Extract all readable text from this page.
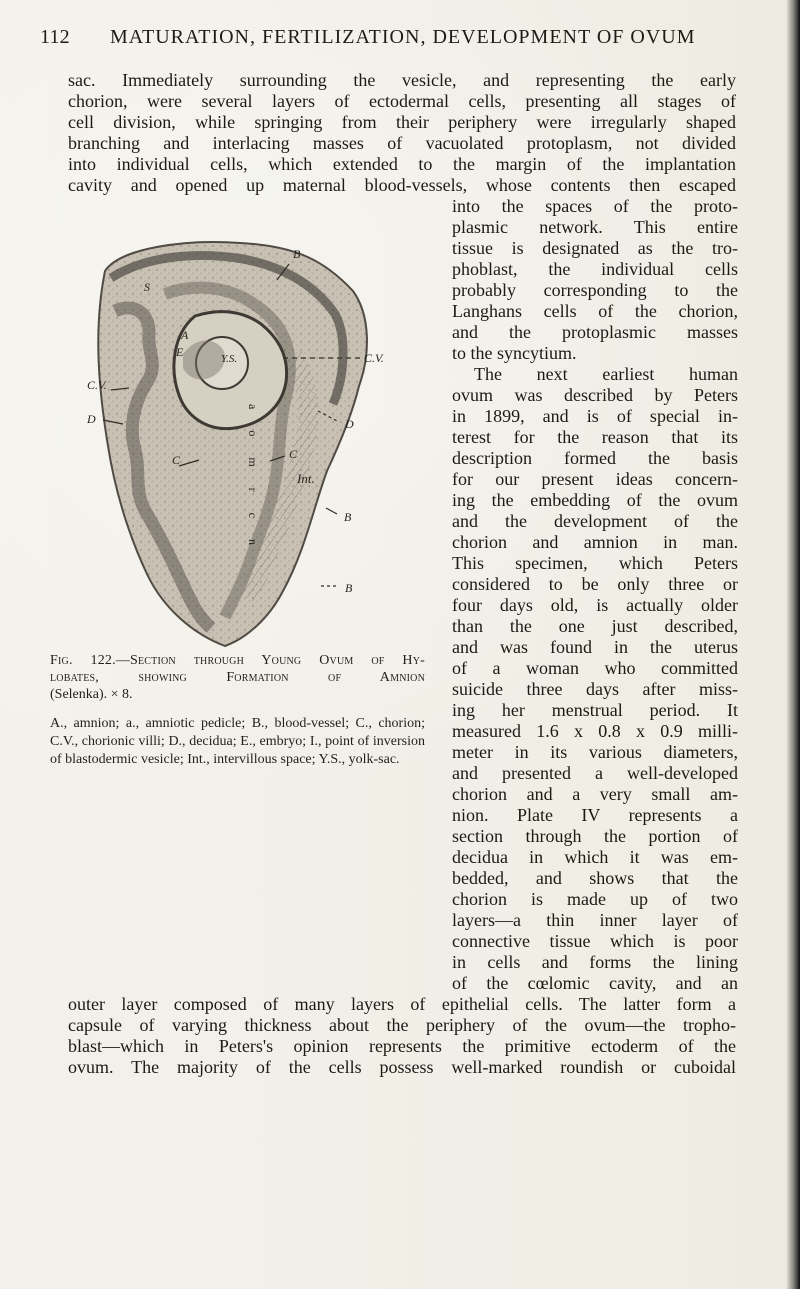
112 MATURATION, FERTILIZATION, DEVELOPMENT OF OVUM
sac. Immediately surrounding the vesicle, and representing the early
chorion, were several layers of ectodermal cells, presenting all stages of
cell division, while springing from their periphery were irregularly shaped
branching and interlacing masses of vacuolated protoplasm, not divided
into individual cells, which extended to the margin of the implantation
cavity and opened up maternal blood-vessels, whose contents then escaped
into the spaces of the proto-
plasmic network. This entire
tissue is designated as the tro-
phoblast, the individual cells
probably corresponding to the
Langhans cells of the chorion,
and the protoplasmic masses
to the syncytium.
The next earliest human
ovum was described by Peters
in 1899, and is of special in-
terest for the reason that its
description formed the basis
for our present ideas concern-
ing the embedding of the ovum
and the development of the
chorion and amnion in man.
This specimen, which Peters
considered to be only three or
four days old, is actually older
than the one just described,
and was found in the uterus
of a woman who committed
suicide three days after miss-
ing her menstrual period. It
measured 1.6 x 0.8 x 0.9 milli-
meter in its various diameters,
and presented a well-developed
chorion and a very small am-
nion. Plate IV represents a
section through the portion of
decidua in which it was em-
bedded, and shows that the
chorion is made up of two
layers—a thin inner layer of
connective tissue which is poor
in cells and forms the lining
of the cœlomic cavity, and an
outer layer composed of many layers of epithelial cells. The latter form a
capsule of varying thickness about the periphery of the ovum—the tropho-
blast—which in Peters's opinion represents the primitive ectoderm of the
ovum. The majority of the cells possess well-marked roundish or cuboidal
B
C.V.
C.V.
D
D
C
C
A
E	Y.S.
S
Int.
B
B
a o m r c n

Fig. 122.—Section through Young Ovum of Hy-

lobates, showing Formation of Amnion

(Selenka). × 8.

A., amnion; a., amniotic pedicle; B., blood-vessel; C., chorion; C.V., chorionic villi; D., decidua; E., embryo; I., point of inversion of blastodermic vesicle; Int., intervillous space; Y.S., yolk-sac.
